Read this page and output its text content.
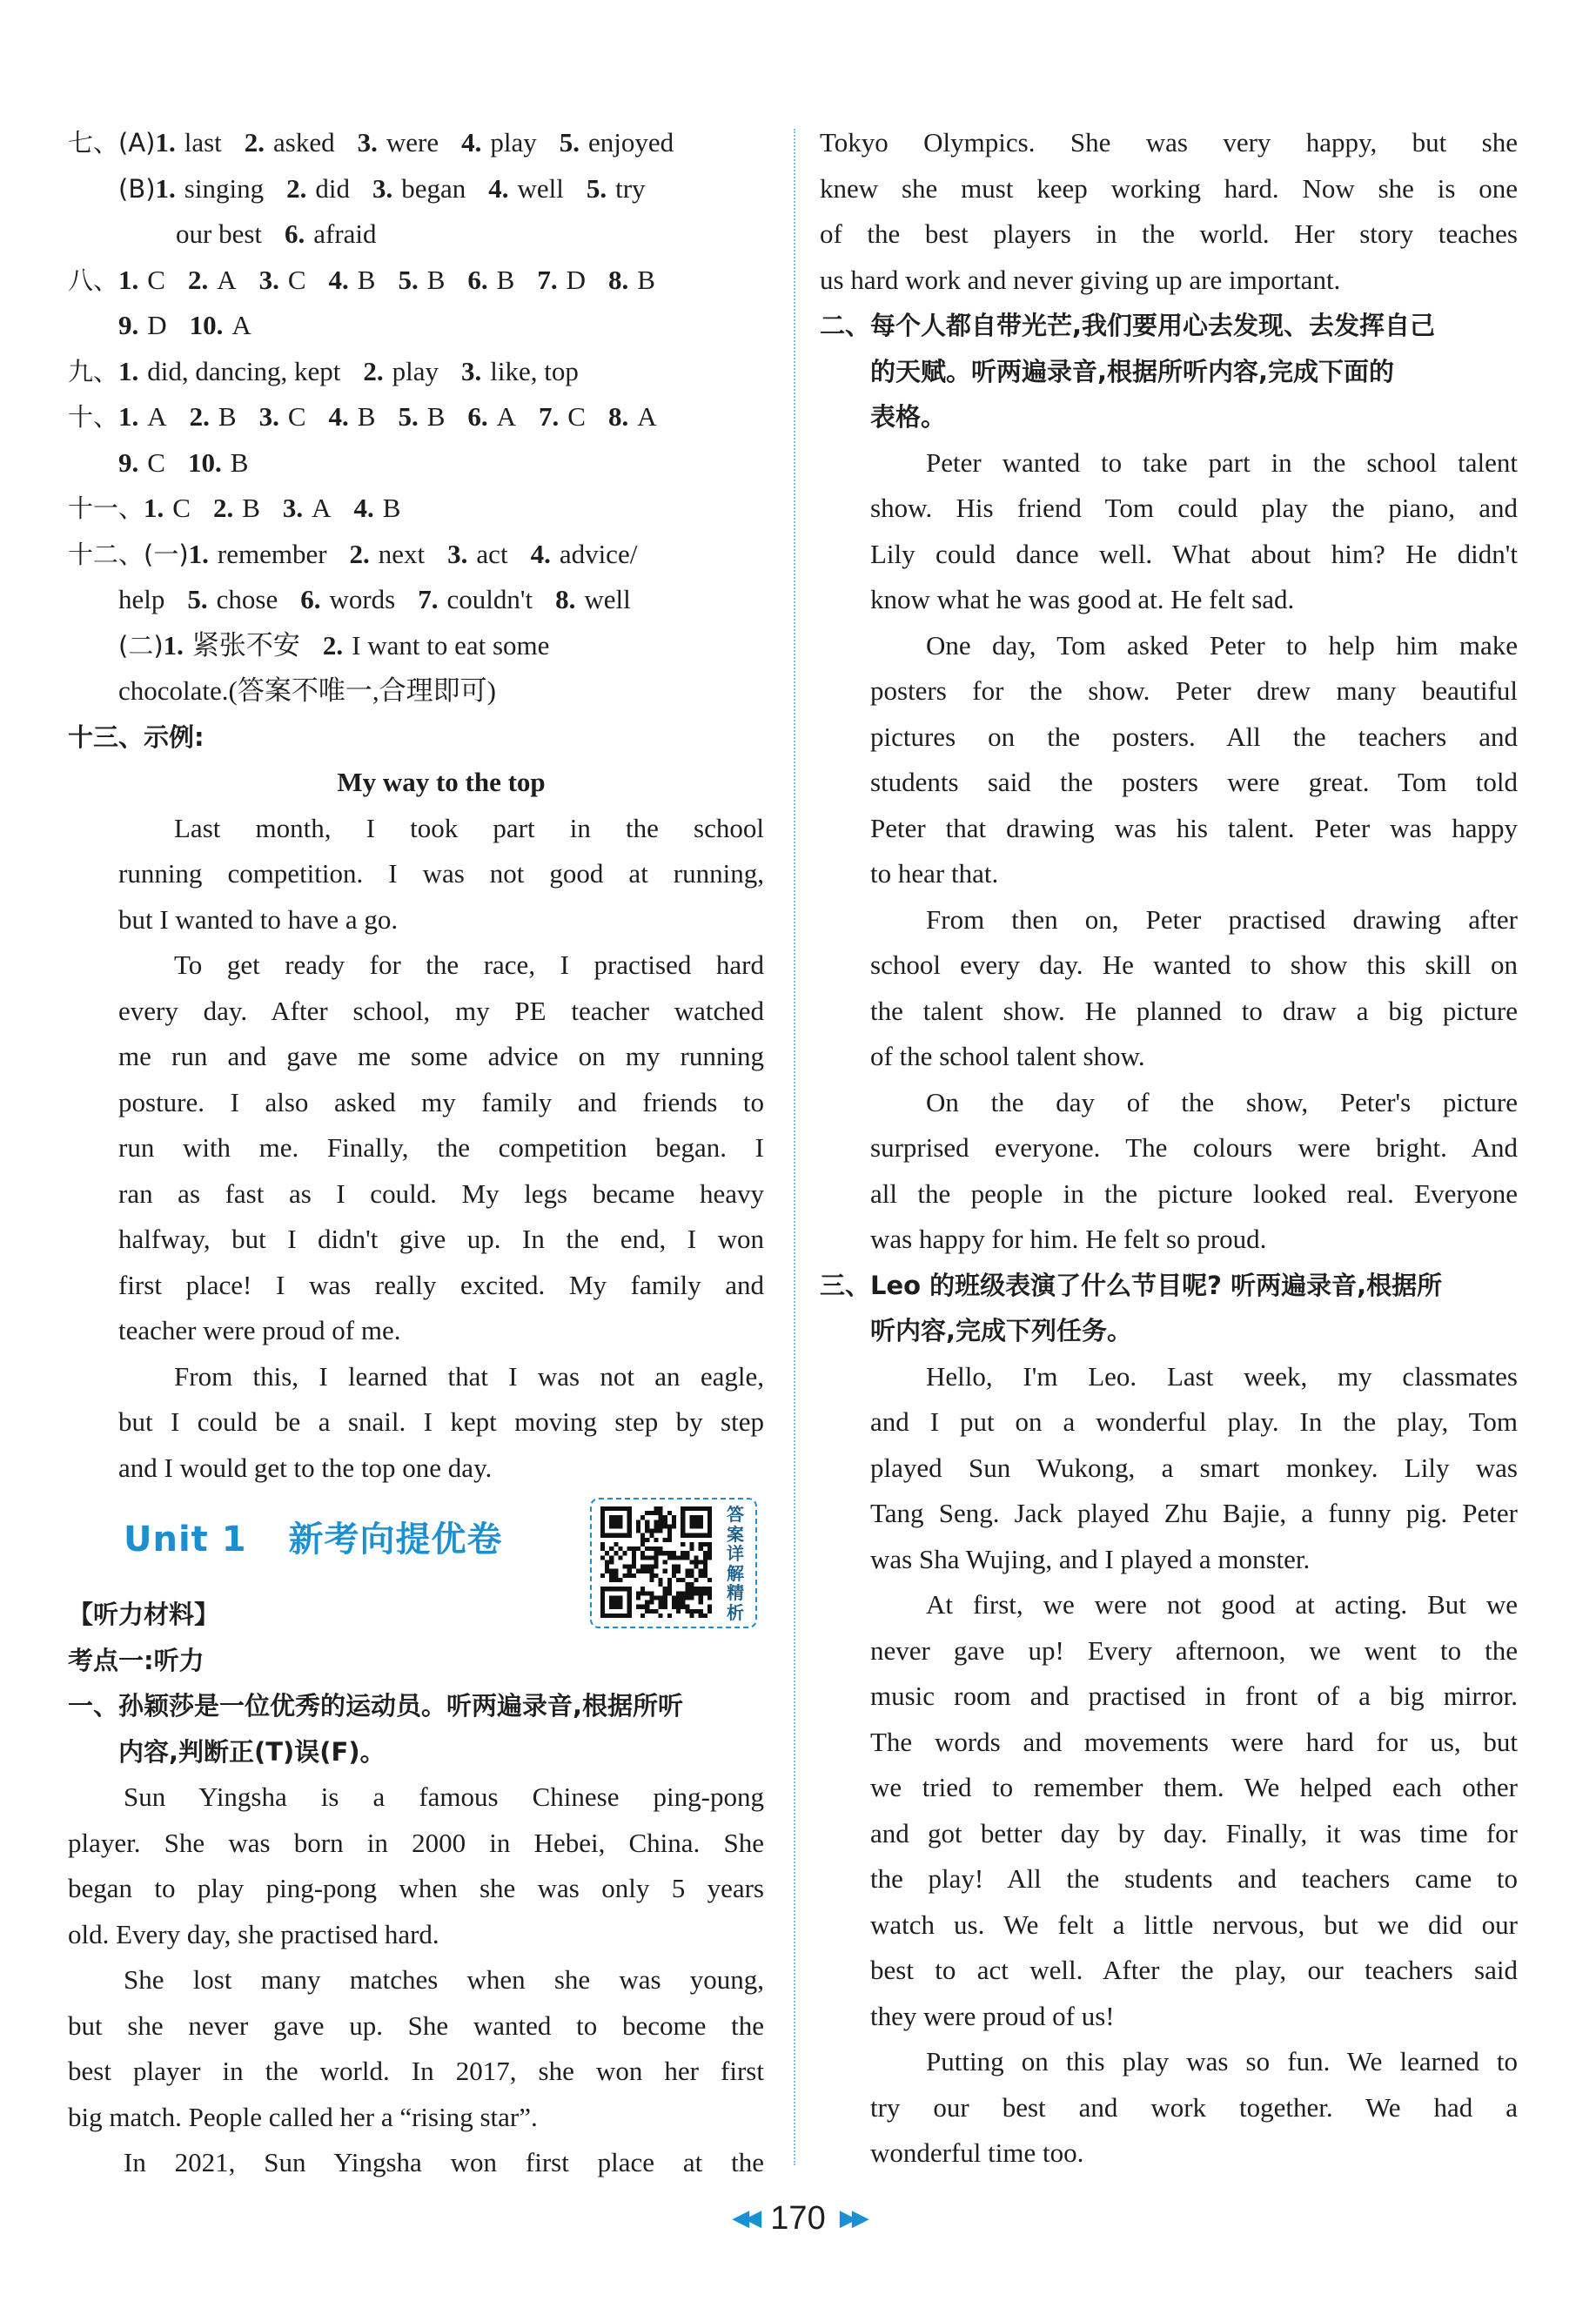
七、(A)1. last 2. asked 3. were 4. play 5. enjoyed
(B)1. singing 2. did 3. began 4. well 5. try
our best 6. afraid
八、1. C 2. A 3. C 4. B 5. B 6. B 7. D 8. B
9. D 10. A
九、1. did, dancing, kept 2. play 3. like, top
十、1. A 2. B 3. C 4. B 5. B 6. A 7. C 8. A
9. C 10. B
十一、1. C 2. B 3. A 4. B
十二、(一)1. remember 2. next 3. act 4. advice/
help 5. chose 6. words 7. couldn't 8. well
(二)1. 紧张不安 2. I want to eat some
chocolate.(答案不唯一,合理即可)
十三、示例:
My way to the top
Last month, I took part in the school
running competition. I was not good at running,
but I wanted to have a go.
To get ready for the race, I practised hard
every day. After school, my PE teacher watched
me run and gave me some advice on my running
posture. I also asked my family and friends to
run with me. Finally, the competition began. I
ran as fast as I could. My legs became heavy
halfway, but I didn't give up. In the end, I won
first place! I was really excited. My family and
teacher were proud of me.
From this, I learned that I was not an eagle,
but I could be a snail. I kept moving step by step
and I would get to the top one day.
Unit 1 新考向提优卷
答案详解精析
【听力材料】
考点一:听力
一、孙颖莎是一位优秀的运动员。听两遍录音,根据所听
内容,判断正(T)误(F)。
Sun Yingsha is a famous Chinese ping-pong
player. She was born in 2000 in Hebei, China. She
began to play ping-pong when she was only 5 years
old. Every day, she practised hard.
She lost many matches when she was young,
but she never gave up. She wanted to become the
best player in the world. In 2017, she won her first
big match. People called her a “rising star”.
In 2021, Sun Yingsha won first place at the
Tokyo Olympics. She was very happy, but she
knew she must keep working hard. Now she is one
of the best players in the world. Her story teaches
us hard work and never giving up are important.
二、每个人都自带光芒,我们要用心去发现、去发挥自己
的天赋。听两遍录音,根据所听内容,完成下面的
表格。
Peter wanted to take part in the school talent
show. His friend Tom could play the piano, and
Lily could dance well. What about him? He didn't
know what he was good at. He felt sad.
One day, Tom asked Peter to help him make
posters for the show. Peter drew many beautiful
pictures on the posters. All the teachers and
students said the posters were great. Tom told
Peter that drawing was his talent. Peter was happy
to hear that.
From then on, Peter practised drawing after
school every day. He wanted to show this skill on
the talent show. He planned to draw a big picture
of the school talent show.
On the day of the show, Peter's picture
surprised everyone. The colours were bright. And
all the people in the picture looked real. Everyone
was happy for him. He felt so proud.
三、Leo 的班级表演了什么节目呢? 听两遍录音,根据所
听内容,完成下列任务。
Hello, I'm Leo. Last week, my classmates
and I put on a wonderful play. In the play, Tom
played Sun Wukong, a smart monkey. Lily was
Tang Seng. Jack played Zhu Bajie, a funny pig. Peter
was Sha Wujing, and I played a monster.
At first, we were not good at acting. But we
never gave up! Every afternoon, we went to the
music room and practised in front of a big mirror.
The words and movements were hard for us, but
we tried to remember them. We helped each other
and got better day by day. Finally, it was time for
the play! All the students and teachers came to
watch us. We felt a little nervous, but we did our
best to act well. After the play, our teachers said
they were proud of us!
Putting on this play was so fun. We learned to
try our best and work together. We had a
wonderful time too.
◀◀ 170 ▶▶
